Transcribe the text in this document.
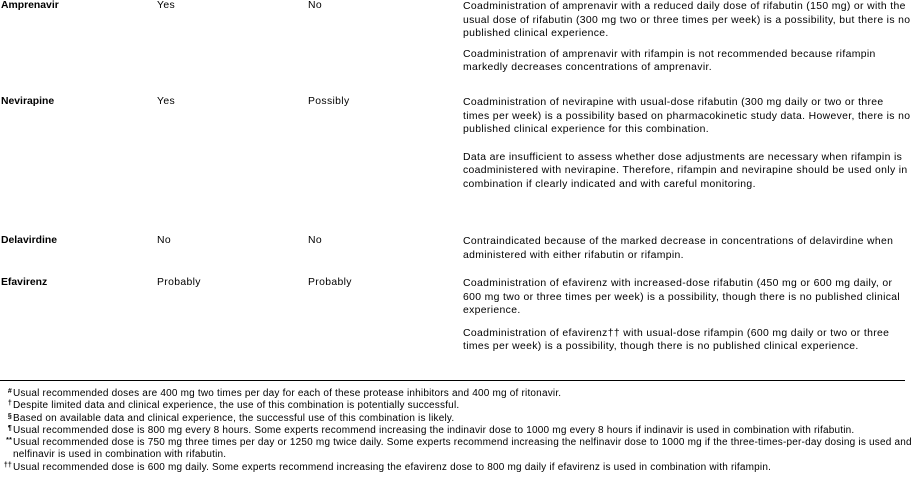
Amprenavir	Yes	No	Coadministration of amprenavir with a reduced daily dose of rifabutin (150 mg) or with the usual dose of rifabutin (300 mg two or three times per week) is a possibility, but there is no published clinical experience.

Coadministration of amprenavir with rifampin is not recommended because rifampin markedly decreases concentrations of amprenavir.

Nevirapine	Yes	Possibly	Coadministration of nevirapine with usual-dose rifabutin (300 mg daily or two or three times per week) is a possibility based on pharmacokinetic study data. However, there is no published clinical experience for this combination.

Data are insufficient to assess whether dose adjustments are necessary when rifampin is coadministered with nevirapine. Therefore, rifampin and nevirapine should be used only in combination if clearly indicated and with careful monitoring.

Delavirdine	No	No	Contraindicated because of the marked decrease in concentrations of delavirdine when administered with either rifabutin or rifampin.

Efavirenz	Probably	Probably	Coadministration of efavirenz with increased-dose rifabutin (450 mg or 600 mg daily, or 600 mg two or three times per week) is a possibility, though there is no published clinical experience.

Coadministration of efavirenz†† with usual-dose rifampin (600 mg daily or two or three times per week) is a possibility, though there is no published clinical experience.

# Usual recommended doses are 400 mg two times per day for each of these protease inhibitors and 400 mg of ritonavir.
† Despite limited data and clinical experience, the use of this combination is potentially successful.
§ Based on available data and clinical experience, the successful use of this combination is likely.
¶ Usual recommended dose is 800 mg every 8 hours. Some experts recommend increasing the indinavir dose to 1000 mg every 8 hours if indinavir is used in combination with rifabutin.
** Usual recommended dose is 750 mg three times per day or 1250 mg twice daily. Some experts recommend increasing the nelfinavir dose to 1000 mg if the three-times-per-day dosing is used and nelfinavir is used in combination with rifabutin.
†† Usual recommended dose is 600 mg daily. Some experts recommend increasing the efavirenz dose to 800 mg daily if efavirenz is used in combination with rifampin.
